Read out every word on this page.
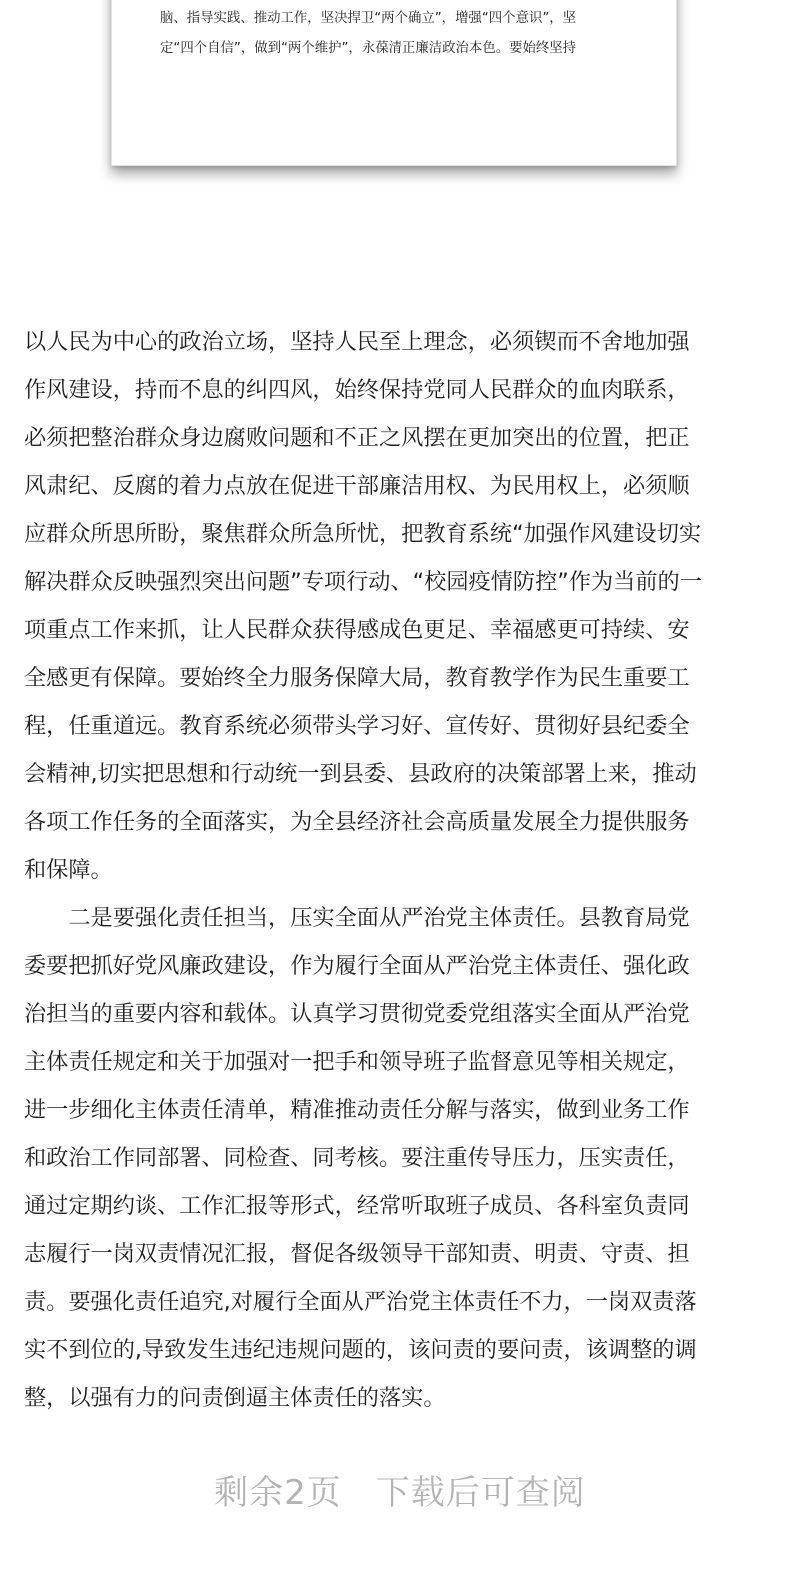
脑、指导实践、推动工作，坚决捍卫“两个确立”，增强“四个意识”，坚
定“四个自信”，做到“两个维护”，永葆清正廉洁政治本色。要始终坚持

以人民为中心的政治立场，坚持人民至上理念，必须锲而不舍地加强
作风建设，持而不息的纠四风，始终保持党同人民群众的血肉联系，
必须把整治群众身边腐败问题和不正之风摆在更加突出的位置，把正
风肃纪、反腐的着力点放在促进干部廉洁用权、为民用权上，必须顺
应群众所思所盼，聚焦群众所急所忧，把教育系统“加强作风建设切实
解决群众反映强烈突出问题”专项行动、“校园疫情防控”作为当前的一
项重点工作来抓，让人民群众获得感成色更足、幸福感更可持续、安
全感更有保障。要始终全力服务保障大局，教育教学作为民生重要工
程，任重道远。教育系统必须带头学习好、宣传好、贯彻好县纪委全
会精神,切实把思想和行动统一到县委、县政府的决策部署上来，推动
各项工作任务的全面落实，为全县经济社会高质量发展全力提供服务
和保障。

　　二是要强化责任担当，压实全面从严治党主体责任。县教育局党
委要把抓好党风廉政建设，作为履行全面从严治党主体责任、强化政
治担当的重要内容和载体。认真学习贯彻党委党组落实全面从严治党
主体责任规定和关于加强对一把手和领导班子监督意见等相关规定，
进一步细化主体责任清单，精准推动责任分解与落实，做到业务工作
和政治工作同部署、同检查、同考核。要注重传导压力，压实责任，
通过定期约谈、工作汇报等形式，经常听取班子成员、各科室负责同
志履行一岗双责情况汇报，督促各级领导干部知责、明责、守责、担
责。要强化责任追究,对履行全面从严治党主体责任不力，一岗双责落
实不到位的,导致发生违纪违规问题的，该问责的要问责，该调整的调
整，以强有力的问责倒逼主体责任的落实。

剩余2页 下载后可查阅
